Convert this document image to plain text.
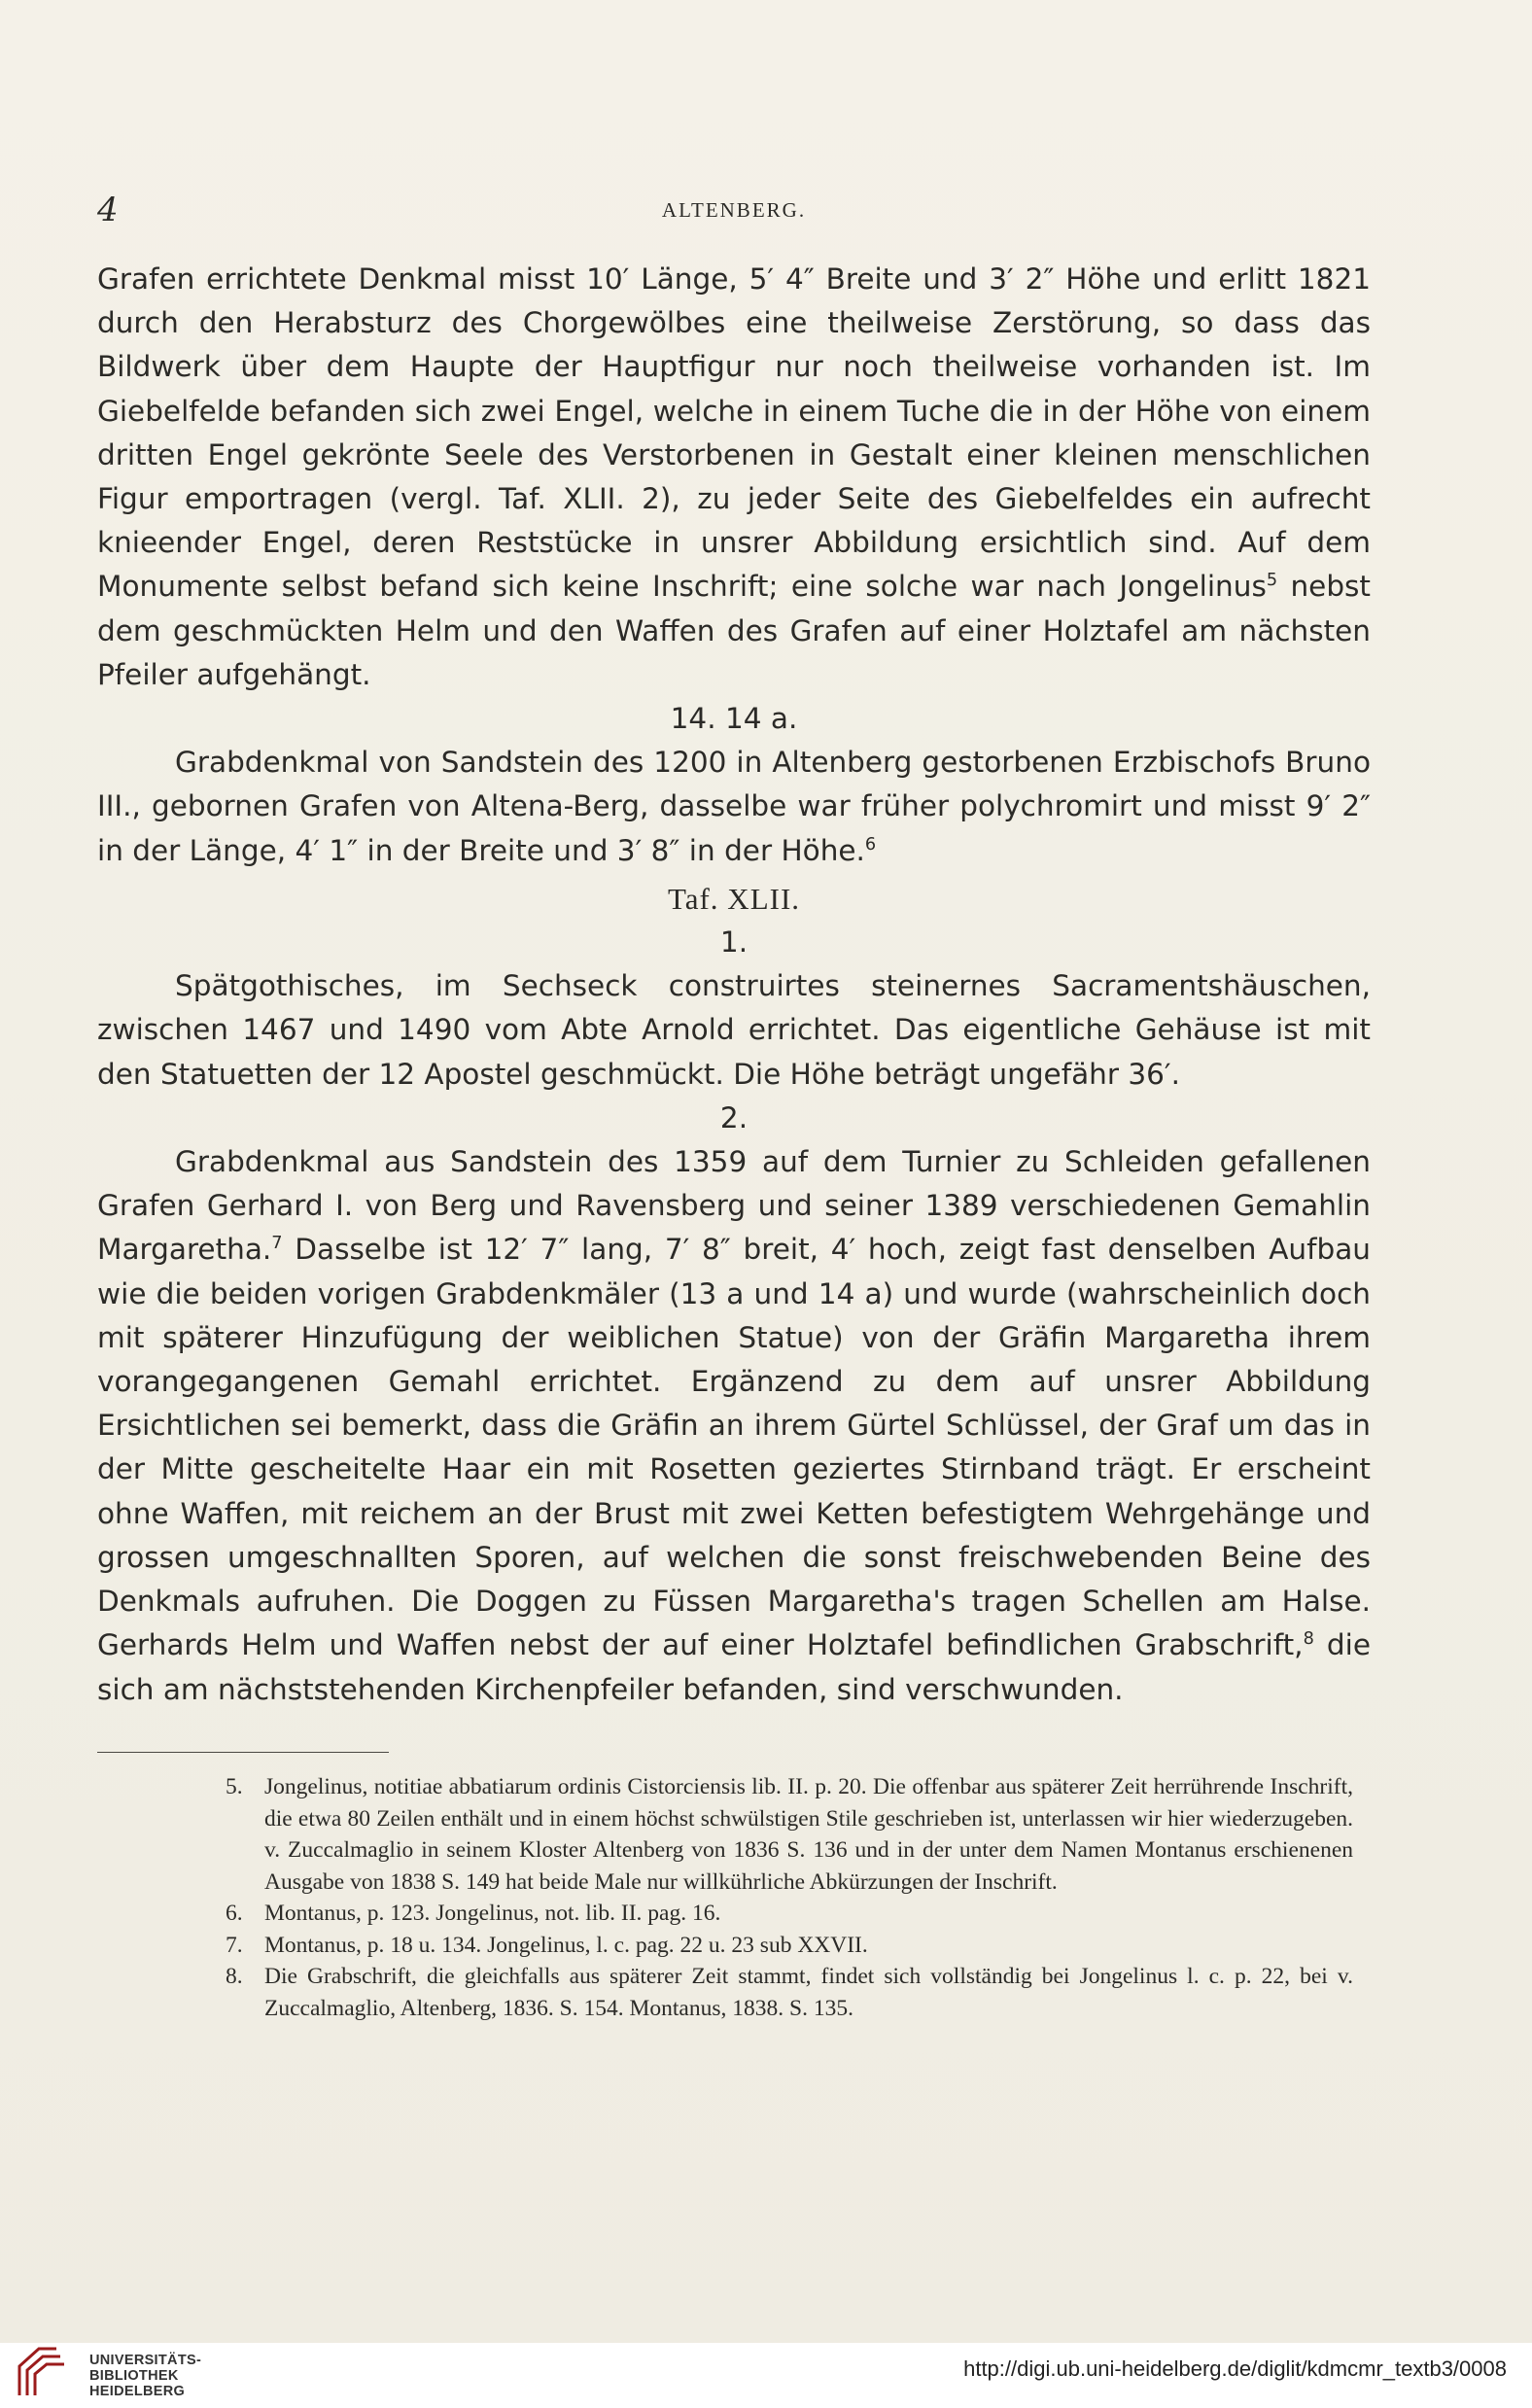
4	ALTENBERG.

Grafen errichtete Denkmal misst 10′ Länge, 5′ 4″ Breite und 3′ 2″ Höhe und erlitt 1821 durch den Herabsturz des Chorgewölbes eine theilweise Zerstörung, so dass das Bildwerk über dem Haupte der Hauptfigur nur noch theilweise vorhanden ist. Im Giebelfelde befanden sich zwei Engel, welche in einem Tuche die in der Höhe von einem dritten Engel gekrönte Seele des Verstorbenen in Gestalt einer kleinen menschlichen Figur emportragen (vergl. Taf. XLII. 2), zu jeder Seite des Giebelfeldes ein aufrecht knieender Engel, deren Reststücke in unsrer Abbildung ersichtlich sind. Auf dem Monumente selbst befand sich keine Inschrift; eine solche war nach Jongelinus$^5$ nebst dem geschmückten Helm und den Waffen des Grafen auf einer Holztafel am nächsten Pfeiler aufgehängt.

14. 14 a.

Grabdenkmal von Sandstein des 1200 in Altenberg gestorbenen Erzbischofs Bruno III., gebornen Grafen von Altena-Berg, dasselbe war früher polychromirt und misst 9′ 2″ in der Länge, 4′ 1″ in der Breite und 3′ 8″ in der Höhe.$^6$

Taf. XLII.

1.

Spätgothisches, im Sechseck construirtes steinernes Sacramentshäuschen, zwischen 1467 und 1490 vom Abte Arnold errichtet. Das eigentliche Gehäuse ist mit den Statuetten der 12 Apostel geschmückt. Die Höhe beträgt ungefähr 36′.

2.

Grabdenkmal aus Sandstein des 1359 auf dem Turnier zu Schleiden gefallenen Grafen Gerhard I. von Berg und Ravensberg und seiner 1389 verschiedenen Gemahlin Margaretha.$^7$ Dasselbe ist 12′ 7″ lang, 7′ 8″ breit, 4′ hoch, zeigt fast denselben Aufbau wie die beiden vorigen Grabdenkmäler (13 a und 14 a) und wurde (wahrscheinlich doch mit späterer Hinzufügung der weiblichen Statue) von der Gräfin Margaretha ihrem vorangegangenen Gemahl errichtet. Ergänzend zu dem auf unsrer Abbildung Ersichtlichen sei bemerkt, dass die Gräfin an ihrem Gürtel Schlüssel, der Graf um das in der Mitte gescheitelte Haar ein mit Rosetten geziertes Stirnband trägt. Er erscheint ohne Waffen, mit reichem an der Brust mit zwei Ketten befestigtem Wehrgehänge und grossen umgeschnallten Sporen, auf welchen die sonst freischwebenden Beine des Denkmals aufruhen. Die Doggen zu Füssen Margaretha's tragen Schellen am Halse. Gerhards Helm und Waffen nebst der auf einer Holztafel befindlichen Grabschrift,$^8$ die sich am nächststehenden Kirchenpfeiler befanden, sind verschwunden.

5. Jongelinus, notitiae abbatiarum ordinis Cistorciensis lib. II. p. 20. Die offenbar aus späterer Zeit herrührende Inschrift, die etwa 80 Zeilen enthält und in einem höchst schwülstigen Stile geschrieben ist, unterlassen wir hier wiederzugeben. v. Zuccalmaglio in seinem Kloster Altenberg von 1836 S. 136 und in der unter dem Namen Montanus erschienenen Ausgabe von 1838 S. 149 hat beide Male nur willkührliche Abkürzungen der Inschrift.

6. Montanus, p. 123. Jongelinus, not. lib. II. pag. 16.

7. Montanus, p. 18 u. 134. Jongelinus, l. c. pag. 22 u. 23 sub XXVII.

8. Die Grabschrift, die gleichfalls aus späterer Zeit stammt, findet sich vollständig bei Jongelinus l. c. p. 22, bei v. Zuccalmaglio, Altenberg, 1836. S. 154. Montanus, 1838. S. 135.

UNIVERSITÄTS-
BIBLIOTHEK
HEIDELBERG
http://digi.ub.uni-heidelberg.de/diglit/kdmcmr_textb3/0008
